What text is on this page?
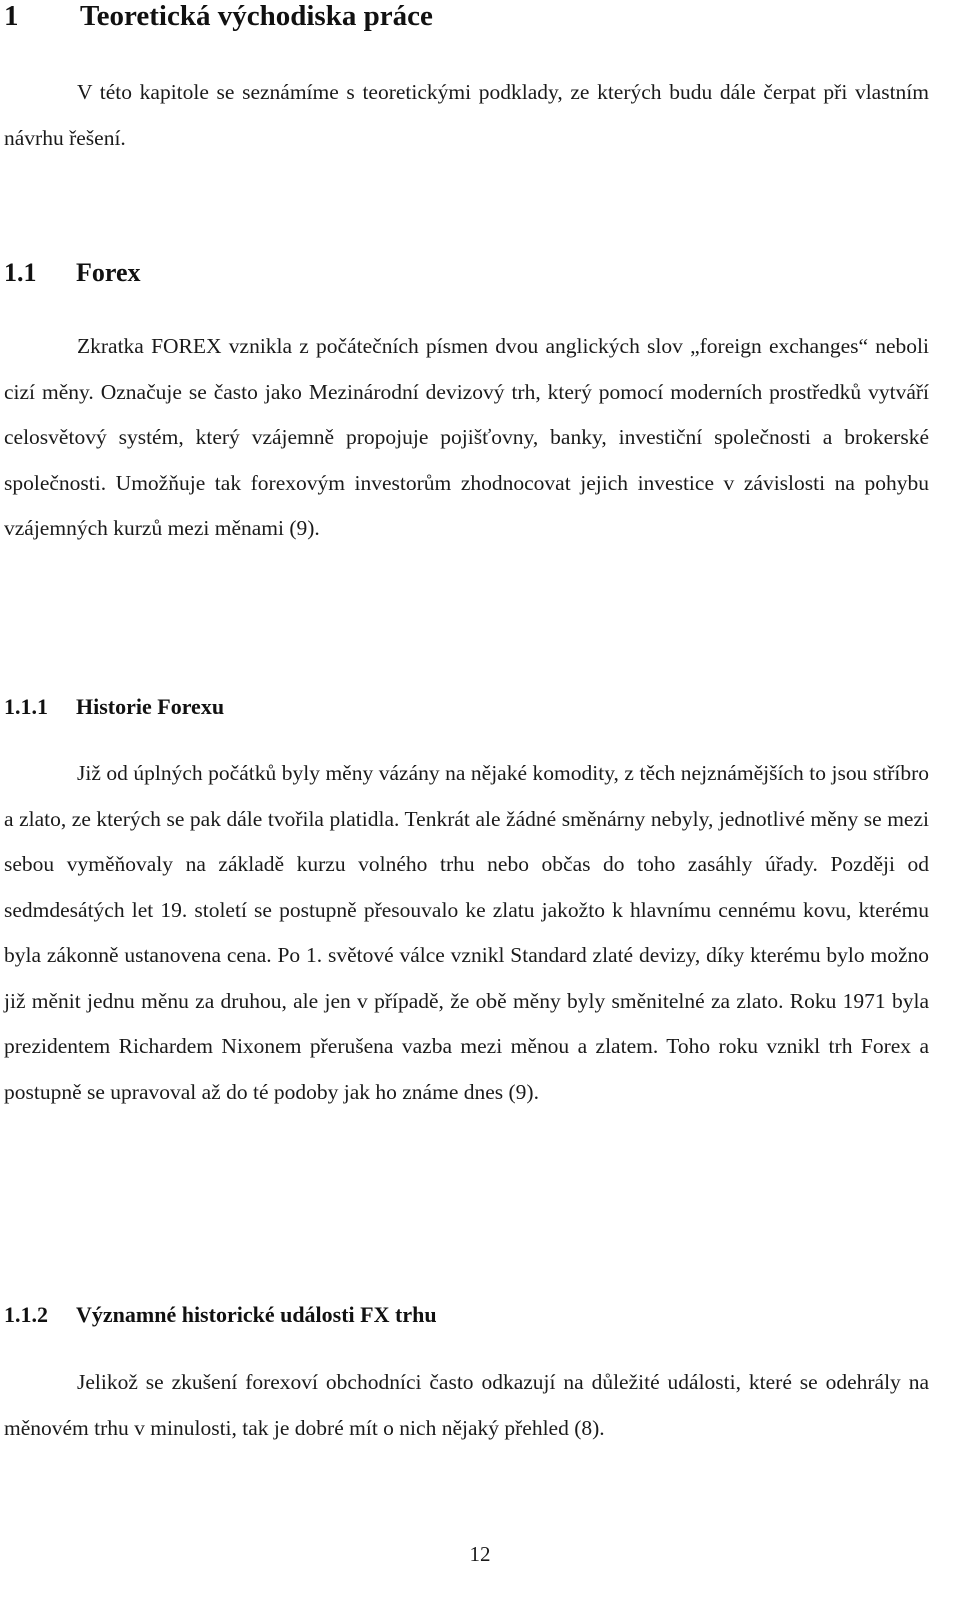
1 Teoretická východiska práce

V této kapitole se seznámíme s teoretickými podklady, ze kterých budu dále čerpat při vlastním návrhu řešení.

1.1 Forex

Zkratka FOREX vznikla z počátečních písmen dvou anglických slov „foreign exchanges“ neboli cizí měny. Označuje se často jako Mezinárodní devizový trh, který pomocí moderních prostředků vytváří celosvětový systém, který vzájemně propojuje pojišťovny, banky, investiční společnosti a brokerské společnosti. Umožňuje tak forexovým investorům zhodnocovat jejich investice v závislosti na pohybu vzájemných kurzů mezi měnami (9).

1.1.1 Historie Forexu

Již od úplných počátků byly měny vázány na nějaké komodity, z těch nejznámějších to jsou stříbro a zlato, ze kterých se pak dále tvořila platidla. Tenkrát ale žádné směnárny nebyly, jednotlivé měny se mezi sebou vyměňovaly na základě kurzu volného trhu nebo občas do toho zasáhly úřady. Později od sedmdesátých let 19. století se postupně přesouvalo ke zlatu jakožto k hlavnímu cennému kovu, kterému byla zákonně ustanovena cena. Po 1. světové válce vznikl Standard zlaté devizy, díky kterému bylo možno již měnit jednu měnu za druhou, ale jen v případě, že obě měny byly směnitelné za zlato. Roku 1971 byla prezidentem Richardem Nixonem přerušena vazba mezi měnou a zlatem. Toho roku vznikl trh Forex a postupně se upravoval až do té podoby jak ho známe dnes (9).

1.1.2 Významné historické události FX trhu

Jelikož se zkušení forexoví obchodníci často odkazují na důležité události, které se odehrály na měnovém trhu v minulosti, tak je dobré mít o nich nějaký přehled (8).

12
